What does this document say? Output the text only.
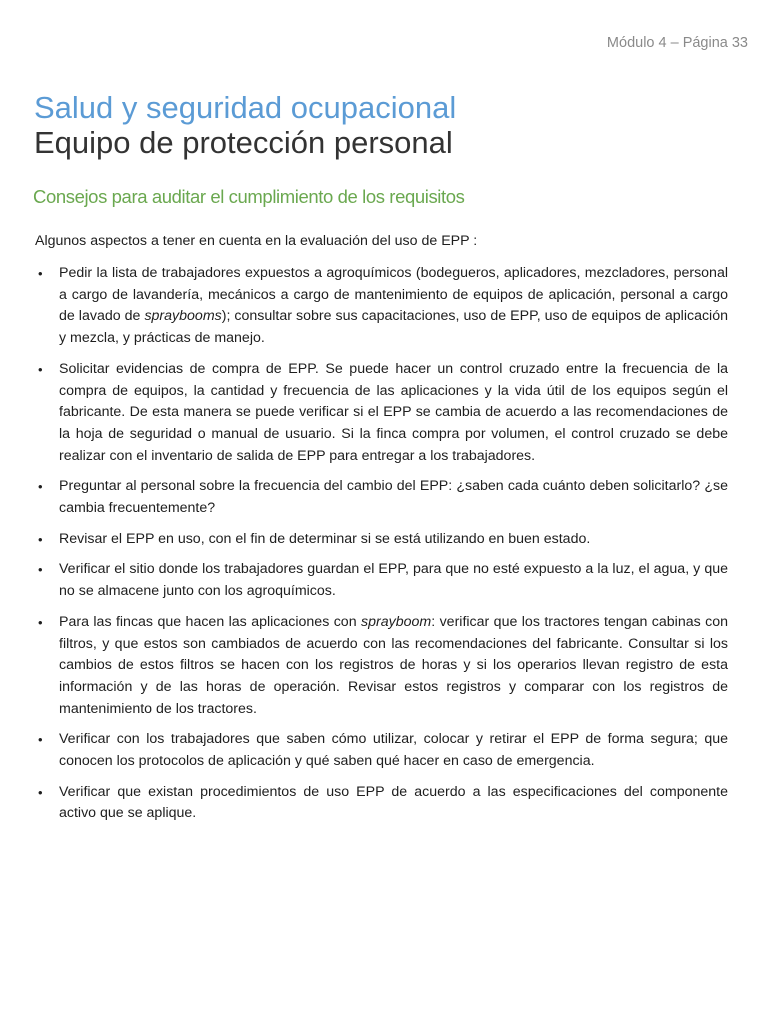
Módulo 4 – Página 33
Salud y seguridad ocupacional
Equipo de protección personal
Consejos para auditar el cumplimiento de los requisitos

Algunos aspectos a tener en cuenta en la evaluación del uso de EPP :

• Pedir la lista de trabajadores expuestos a agroquímicos (bodegueros, aplicadores, mezcladores, personal a cargo de lavandería, mecánicos a cargo de mantenimiento de equipos de aplicación, personal a cargo de lavado de spraybooms); consultar sobre sus capacitaciones, uso de EPP, uso de equipos de aplicación y mezcla, y prácticas de manejo.
• Solicitar evidencias de compra de EPP. Se puede hacer un control cruzado entre la frecuencia de la compra de equipos, la cantidad y frecuencia de las aplicaciones y la vida útil de los equipos según el fabricante. De esta manera se puede verificar si el EPP se cambia de acuerdo a las recomendaciones de la hoja de seguridad o manual de usuario. Si la finca compra por volumen, el control cruzado se debe realizar con el inventario de salida de EPP para entregar a los trabajadores.
• Preguntar al personal sobre la frecuencia del cambio del EPP: ¿saben cada cuánto deben solicitarlo? ¿se cambia frecuentemente?
• Revisar el EPP en uso, con el fin de determinar si se está utilizando en buen estado.
• Verificar el sitio donde los trabajadores guardan el EPP, para que no esté expuesto a la luz, el agua, y que no se almacene junto con los agroquímicos.
• Para las fincas que hacen las aplicaciones con sprayboom: verificar que los tractores tengan cabinas con filtros, y que estos son cambiados de acuerdo con las recomendaciones del fabricante. Consultar si los cambios de estos filtros se hacen con los registros de horas y si los operarios llevan registro de esta información y de las horas de operación. Revisar estos registros y comparar con los registros de mantenimiento de los tractores.
• Verificar con los trabajadores que saben cómo utilizar, colocar y retirar el EPP de forma segura; que conocen los protocolos de aplicación y qué saben qué hacer en caso de emergencia.
• Verificar que existan procedimientos de uso EPP de acuerdo a las especificaciones del componente activo que se aplique.
